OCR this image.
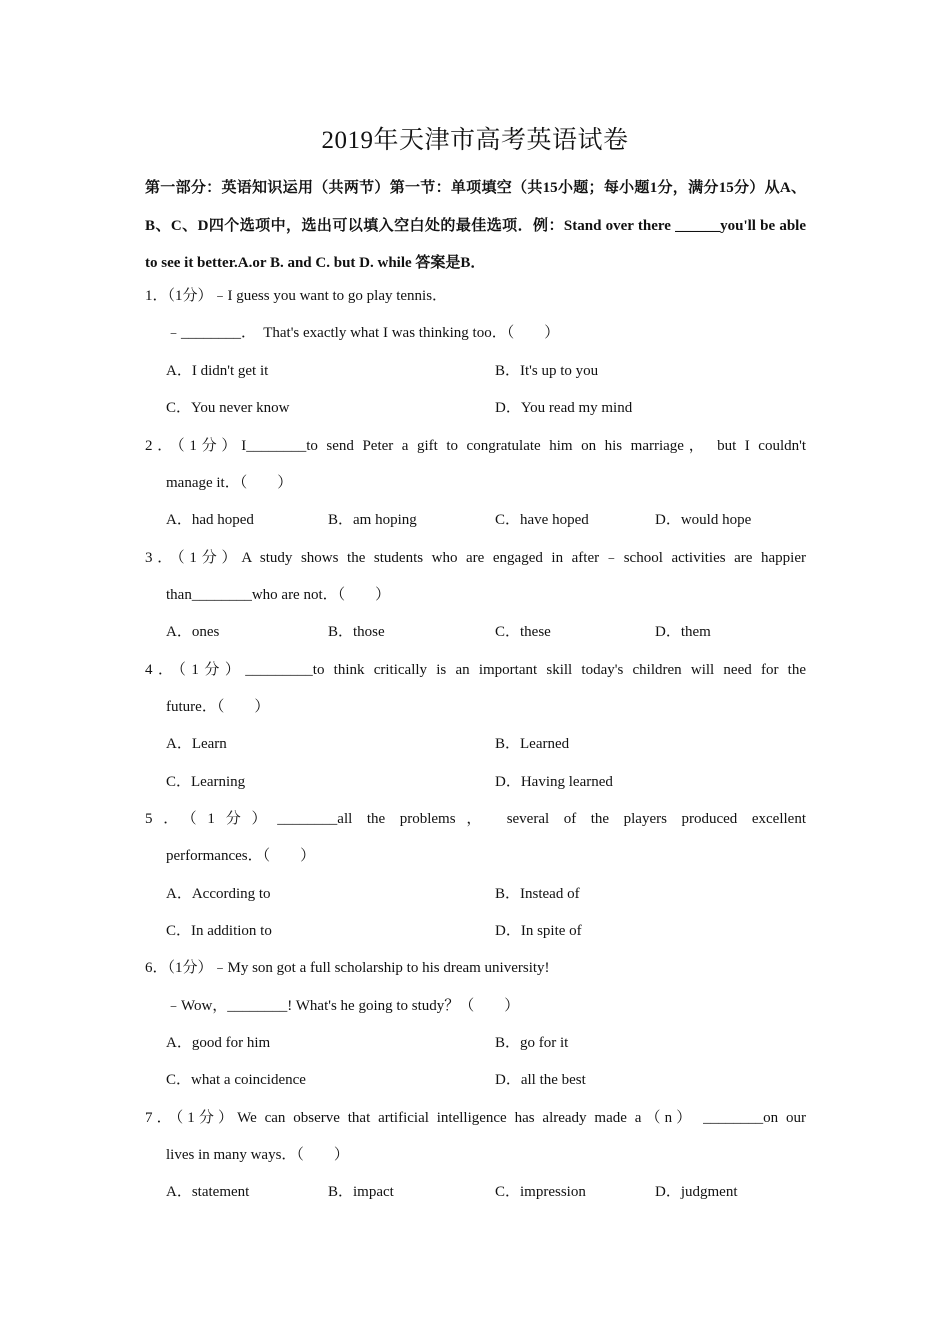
2019年天津市高考英语试卷
第一部分：英语知识运用（共两节）第一节：单项填空（共15小题；每小题1分，满分15分）从A、B、C、D四个选项中，选出可以填入空白处的最佳选项．例：Stand over there ______you'll be able to see it better.A.or B. and C. but D. while 答案是B．
1．（1分）﹣I guess you want to go play tennis．
﹣________．  That's exactly what I was thinking too．（　　）
A．I didn't get it	B．It's up to you
C．You never know	D．You read my mind
2．（1分）I________to send Peter a gift to congratulate him on his marriage， but I couldn't
manage it．（　　）
A．had hoped	B．am hoping	C．have hoped	D．would hope
3．（1分）A study shows the students who are engaged in after﹣school activities are happier
than________who are not．（　　）
A．ones	B．those	C．these	D．them
4．（1分）_________to think critically is an important skill today's children will need for the
future．（　　）
A．Learn	B．Learned
C．Learning	D．Having learned
5．（1分）________all the problems， several of the players produced excellent
performances．（　　）
A．According to	B．Instead of
C．In addition to	D．In spite of
6．（1分）﹣My son got a full scholarship to his dream university!
﹣Wow，________! What's he going to study？（　　）
A．good for him	B．go for it
C．what a coincidence	D．all the best
7．（1分）We can observe that artificial intelligence has already made a（n） ________on our
lives in many ways．（　　）
A．statement	B．impact	C．impression	D．judgment
